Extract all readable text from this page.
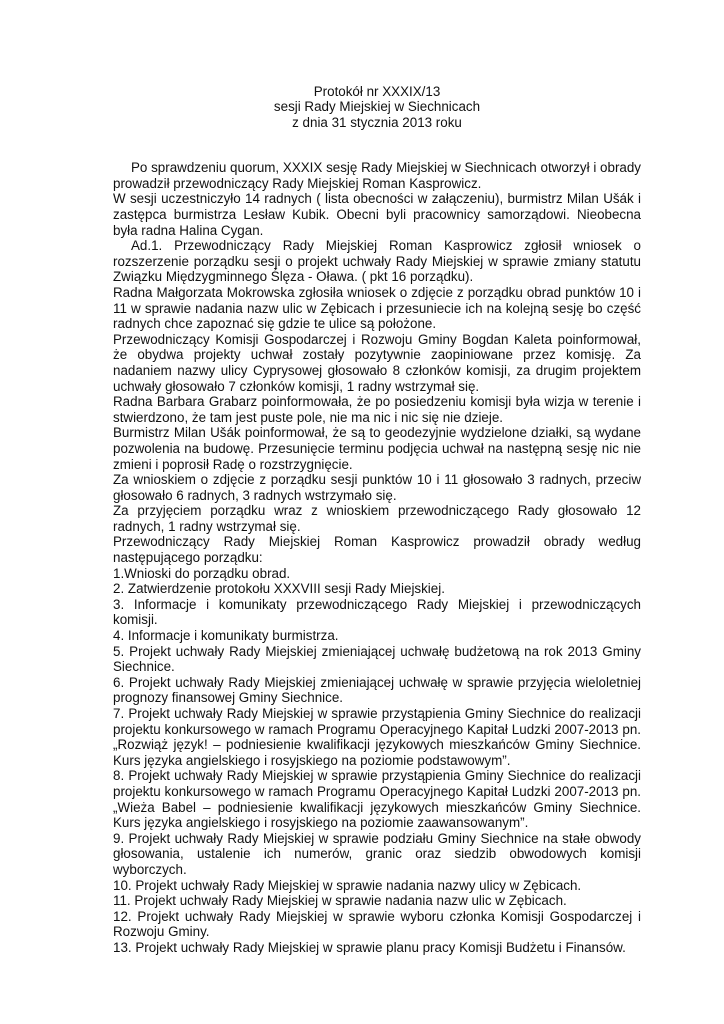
Protokół nr XXXIX/13

sesji Rady Miejskiej w Siechnicach

z dnia 31 stycznia 2013 roku

Po sprawdzeniu quorum, XXXIX sesję Rady Miejskiej w Siechnicach otworzył i obrady prowadził przewodniczący Rady Miejskiej Roman Kasprowicz.

W sesji uczestniczyło 14 radnych ( lista obecności w załączeniu), burmistrz Milan Ušák i zastępca burmistrza Lesław Kubik. Obecni byli pracownicy samorządowi. Nieobecna była radna Halina Cygan.

Ad.1. Przewodniczący Rady Miejskiej Roman Kasprowicz zgłosił wniosek o rozszerzenie porządku sesji o projekt uchwały Rady Miejskiej w sprawie zmiany statutu Związku Międzygminnego Ślęza - Oława. ( pkt 16 porządku).

Radna Małgorzata Mokrowska zgłosiła wniosek o zdjęcie z porządku obrad punktów 10 i 11 w sprawie nadania nazw ulic w Zębicach i przesuniecie ich na kolejną sesję bo część radnych chce zapoznać się gdzie te ulice są położone.

Przewodniczący Komisji Gospodarczej i Rozwoju Gminy Bogdan Kaleta poinformował, że obydwa projekty uchwał zostały pozytywnie zaopiniowane przez komisję. Za nadaniem nazwy ulicy Cyprysowej głosowało 8 członków komisji, za drugim projektem uchwały głosowało 7 członków komisji, 1 radny wstrzymał się.

Radna Barbara Grabarz poinformowała, że po posiedzeniu komisji była wizja w terenie i stwierdzono, że tam jest puste pole, nie ma nic i nic się nie dzieje.

Burmistrz Milan Ušák poinformował, że są to geodezyjnie wydzielone działki, są wydane pozwolenia na budowę. Przesunięcie terminu podjęcia uchwał na następną sesję nic nie zmieni i poprosił Radę o rozstrzygnięcie.

Za wnioskiem o zdjęcie z porządku sesji punktów 10 i 11 głosowało 3 radnych, przeciw głosowało 6 radnych, 3 radnych wstrzymało się.

Za przyjęciem porządku wraz z wnioskiem przewodniczącego Rady głosowało 12 radnych, 1 radny wstrzymał się.

Przewodniczący Rady Miejskiej Roman Kasprowicz prowadził obrady według następującego porządku:

1.Wnioski do porządku obrad.
2. Zatwierdzenie protokołu XXXVIII sesji Rady Miejskiej.
3. Informacje i komunikaty przewodniczącego Rady Miejskiej i przewodniczących komisji.
4. Informacje i komunikaty burmistrza.
5. Projekt uchwały Rady Miejskiej zmieniającej uchwałę budżetową na rok 2013 Gminy Siechnice.
6. Projekt uchwały Rady Miejskiej zmieniającej uchwałę w sprawie przyjęcia wieloletniej prognozy finansowej Gminy Siechnice.
7. Projekt uchwały Rady Miejskiej w sprawie przystąpienia Gminy Siechnice do realizacji projektu konkursowego w ramach Programu Operacyjnego Kapitał Ludzki 2007-2013 pn. „Rozwiąż język! – podniesienie kwalifikacji językowych mieszkańców Gminy Siechnice. Kurs języka angielskiego i rosyjskiego na poziomie podstawowym”.
8. Projekt uchwały Rady Miejskiej w sprawie przystąpienia Gminy Siechnice do realizacji projektu konkursowego w ramach Programu Operacyjnego Kapitał Ludzki 2007-2013 pn. „Wieża Babel – podniesienie kwalifikacji językowych mieszkańców Gminy Siechnice. Kurs języka angielskiego i rosyjskiego na poziomie zaawansowanym”.
9. Projekt uchwały Rady Miejskiej w sprawie podziału Gminy Siechnice na stałe obwody głosowania, ustalenie ich numerów, granic oraz siedzib obwodowych komisji wyborczych.
10. Projekt uchwały Rady Miejskiej w sprawie nadania nazwy ulicy w Zębicach.
11. Projekt uchwały Rady Miejskiej w sprawie nadania nazw ulic w Zębicach.
12. Projekt uchwały Rady Miejskiej w sprawie wyboru członka Komisji Gospodarczej i Rozwoju Gminy.
13. Projekt uchwały Rady Miejskiej w sprawie planu pracy Komisji Budżetu i Finansów.
